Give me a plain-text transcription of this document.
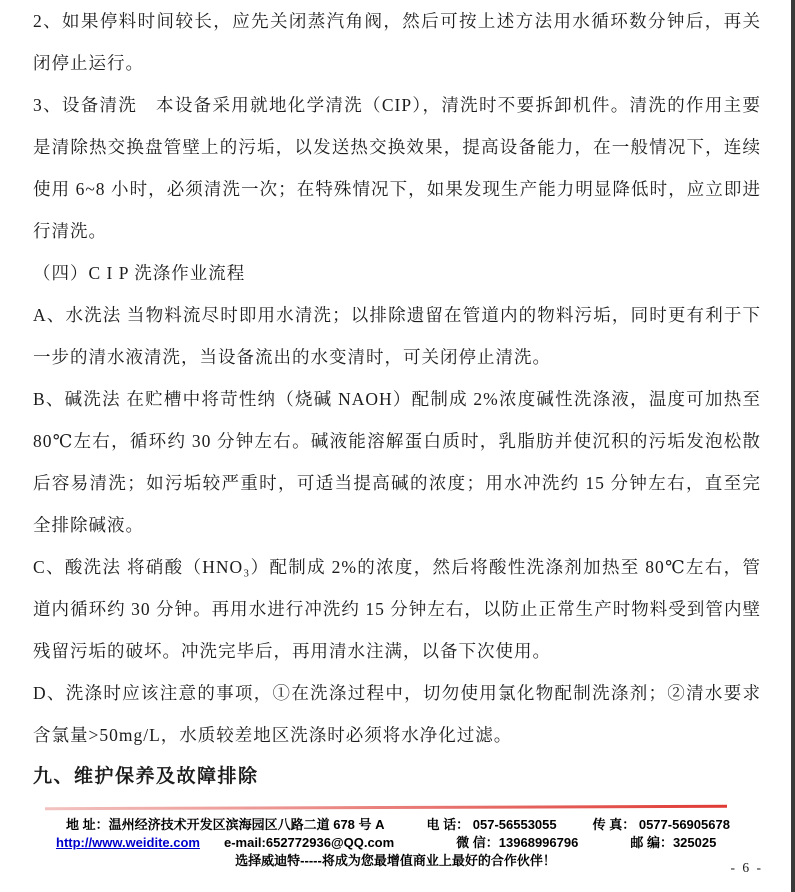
2、如果停料时间较长，应先关闭蒸汽角阀，然后可按上述方法用水循环数分钟后，再关闭停止运行。

3、设备清洗　本设备采用就地化学清洗（CIP），清洗时不要拆卸机件。清洗的作用主要是清除热交换盘管壁上的污垢，以发送热交换效果，提高设备能力，在一般情况下，连续使用 6~8 小时，必须清洗一次；在特殊情况下，如果发现生产能力明显降低时，应立即进行清洗。

（四）C I P 洗涤作业流程

A、水洗法 当物料流尽时即用水清洗；以排除遗留在管道内的物料污垢，同时更有利于下一步的清水液清洗，当设备流出的水变清时，可关闭停止清洗。

B、碱洗法 在贮槽中将苛性纳（烧碱 NAOH）配制成 2%浓度碱性洗涤液，温度可加热至 80℃左右，循环约 30 分钟左右。碱液能溶解蛋白质时，乳脂肪并使沉积的污垢发泡松散后容易清洗；如污垢较严重时，可适当提高碱的浓度；用水冲洗约 15 分钟左右，直至完全排除碱液。

C、酸洗法 将硝酸（HNO₃）配制成 2%的浓度，然后将酸性洗涤剂加热至 80℃左右，管道内循环约 30 分钟。再用水进行冲洗约 15 分钟左右，以防止正常生产时物料受到管内壁残留污垢的破坏。冲洗完毕后，再用清水注满，以备下次使用。

D、洗涤时应该注意的事项，①在洗涤过程中，切勿使用氯化物配制洗涤剂；②清水要求含氯量>50mg/L，水质较差地区洗涤时必须将水净化过滤。

九、维护保养及故障排除

地 址：温州经济技术开发区滨海园区八路二道 678 号 A	电 话： 057-56553055	传 真： 0577-56905678
http://www.weidite.com e-mail:652772936@QQ.com	微 信：13968996796	邮 编：325025
选择威迪特-----将成为您最增值商业上最好的合作伙伴！	- 6 -
